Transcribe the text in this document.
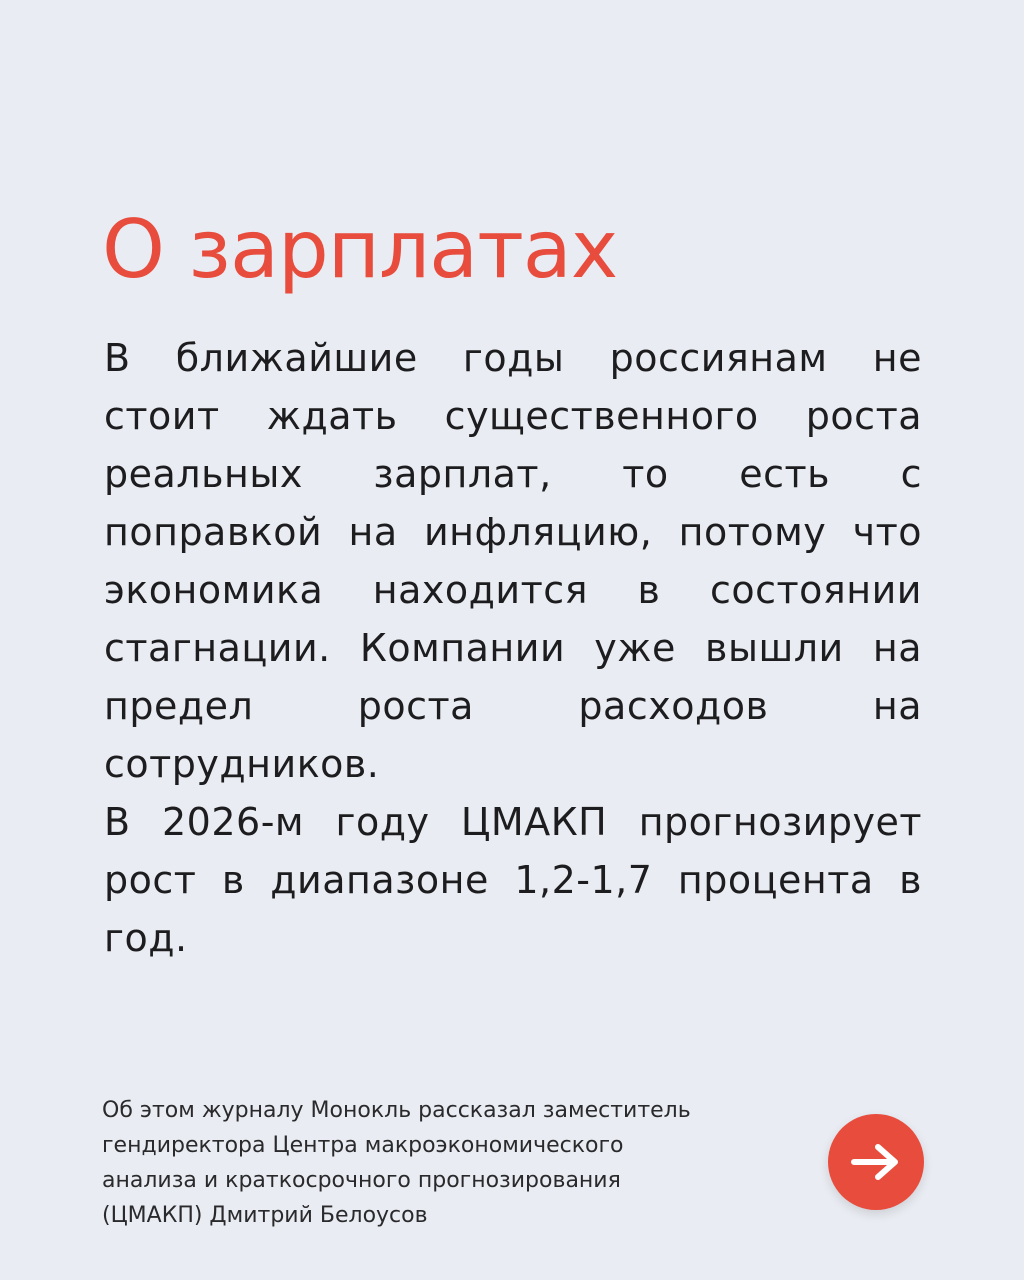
О зарплатах

В ближайшие годы россиянам не стоит ждать существенного роста реальных зарплат, то есть с поправкой на инфляцию, потому что экономика находится в состоянии стагнации. Компании уже вышли на предел роста расходов на сотрудников.

В 2026-м году ЦМАКП прогнозирует рост в диапазоне 1,2-1,7 процента в год.

Об этом журналу Монокль рассказал заместитель
гендиректора Центра макроэкономического
анализа и краткосрочного прогнозирования
(ЦМАКП) Дмитрий Белоусов
